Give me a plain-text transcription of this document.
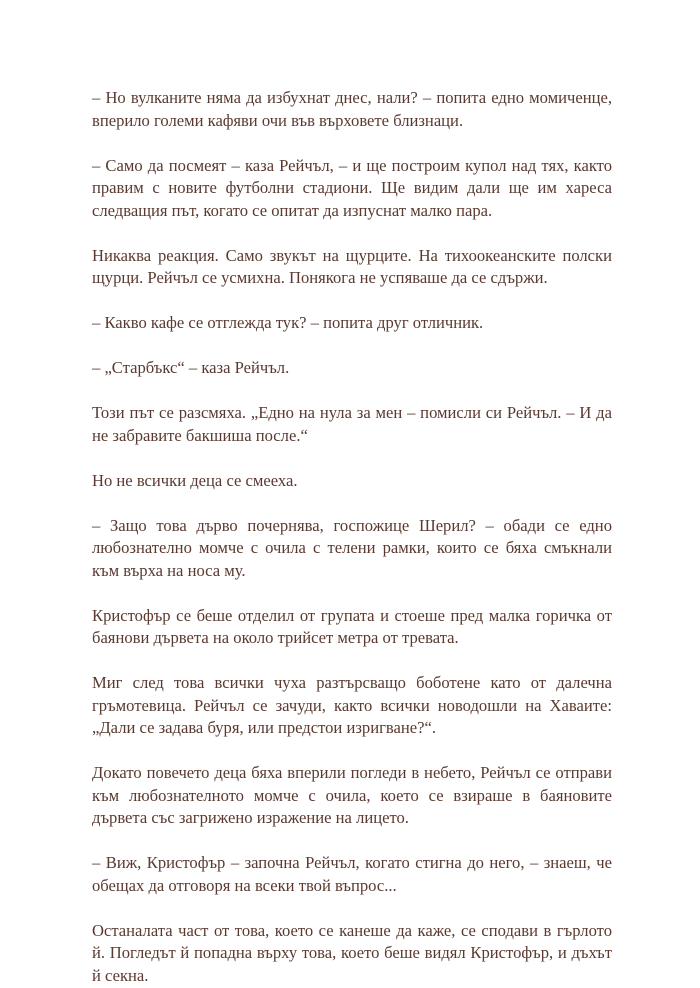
– Но вулканите няма да избухнат днес, нали? – попита едно момиченце, вперило големи кафяви очи във върховете близнаци.

– Само да посмеят – каза Рейчъл, – и ще построим купол над тях, както правим с новите футболни стадиони. Ще видим дали ще им хареса следващия път, когато се опитат да изпуснат малко пара.

Никаква реакция. Само звукът на щурците. На тихоокеанските полски щурци. Рейчъл се усмихна. Понякога не успяваше да се сдържи.

– Какво кафе се отглежда тук? – попита друг отличник.

– „Старбъкс“ – каза Рейчъл.

Този път се разсмяха. „Едно на нула за мен – помисли си Рейчъл. – И да не забравите бакшиша после.“

Но не всички деца се смееха.

– Защо това дърво почернява, госпожице Шерил? – обади се едно любознателно момче с очила с телени рамки, които се бяха смъкнали към върха на носа му.

Кристофър се беше отделил от групата и стоеше пред малка горичка от баянови дървета на около трийсет метра от тревата.

Миг след това всички чуха разтърсващо боботене като от далечна гръмотевица. Рейчъл се зачуди, както всички новодошли на Хаваите: „Дали се задава буря, или предстои изригване?“.

Докато повечето деца бяха вперили погледи в небето, Рейчъл се отправи към любознателното момче с очила, което се взираше в баяновите дървета със загрижено изражение на лицето.

– Виж, Кристофър – започна Рейчъл, когато стигна до него, – знаеш, че обещах да отговоря на всеки твой въпрос...

Останалата част от това, което се канеше да каже, се сподави в гърлото й. Погледът й попадна върху това, което беше видял Кристофър, и дъхът й секна.
